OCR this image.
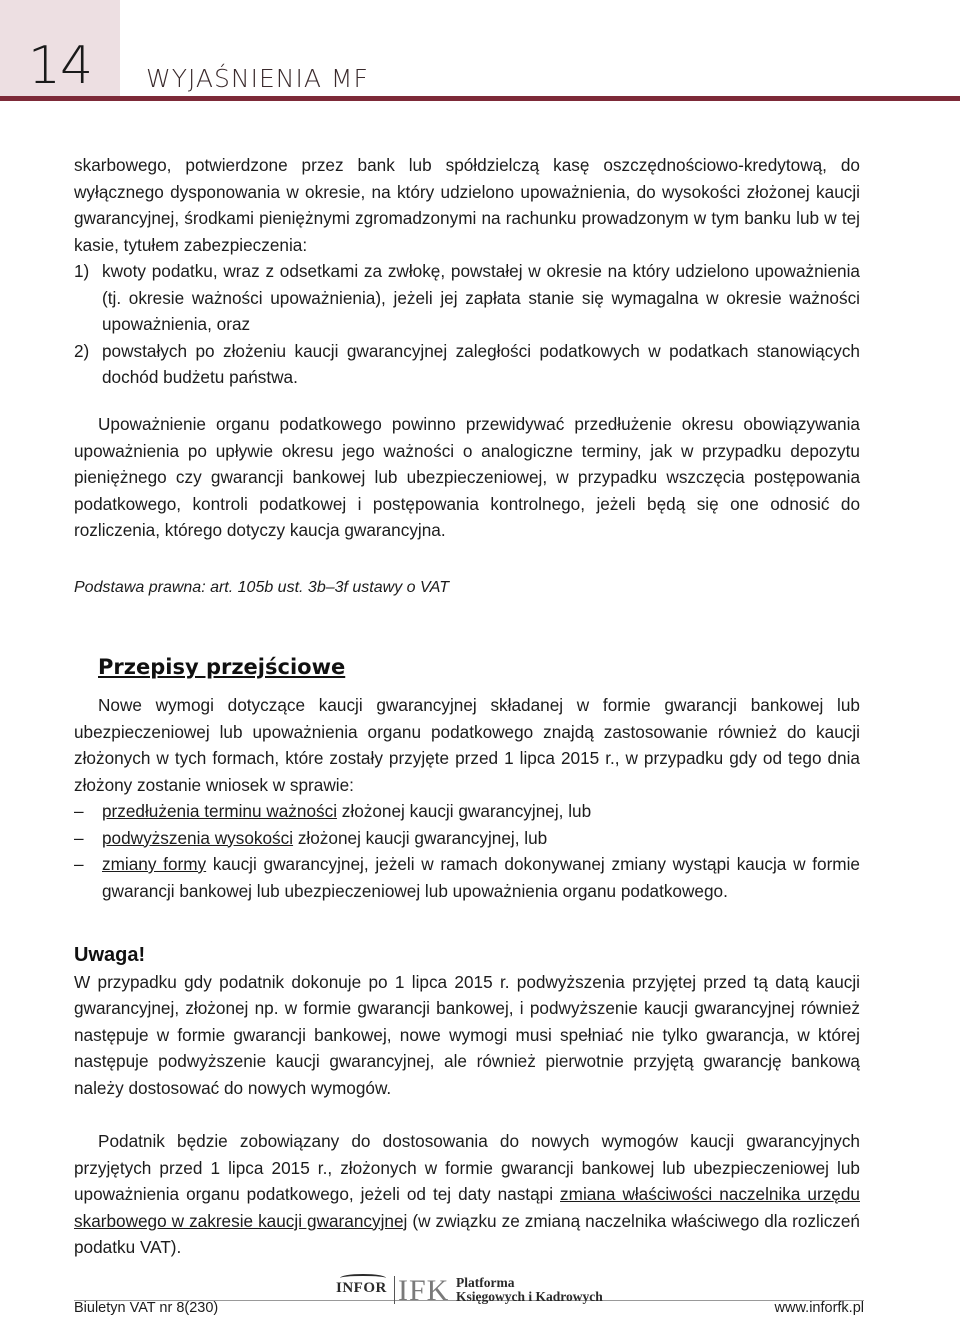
14	WYJAŚNIENIA MF

skarbowego, potwierdzone przez bank lub spółdzielczą kasę oszczędnościowo-kredytową, do wyłącznego dysponowania w okresie, na który udzielono upoważnienia, do wysokości złożonej kaucji gwarancyjnej, środkami pieniężnymi zgromadzonymi na rachunku prowadzonym w tym banku lub w tej kasie, tytułem zabezpieczenia:

1) kwoty podatku, wraz z odsetkami za zwłokę, powstałej w okresie na który udzielono upoważnienia (tj. okresie ważności upoważnienia), jeżeli jej zapłata stanie się wymagalna w okresie ważności upoważnienia, oraz
2) powstałych po złożeniu kaucji gwarancyjnej zaległości podatkowych w podatkach stanowiących dochód budżetu państwa.

Upoważnienie organu podatkowego powinno przewidywać przedłużenie okresu obowiązywania upoważnienia po upływie okresu jego ważności o analogiczne terminy, jak w przypadku depozytu pieniężnego czy gwarancji bankowej lub ubezpieczeniowej, w przypadku wszczęcia postępowania podatkowego, kontroli podatkowej i postępowania kontrolnego, jeżeli będą się one odnosić do rozliczenia, którego dotyczy kaucja gwarancyjna.

Podstawa prawna: art. 105b ust. 3b–3f ustawy o VAT

Przepisy przejściowe

Nowe wymogi dotyczące kaucji gwarancyjnej składanej w formie gwarancji bankowej lub ubezpieczeniowej lub upoważnienia organu podatkowego znajdą zastosowanie również do kaucji złożonych w tych formach, które zostały przyjęte przed 1 lipca 2015 r., w przypadku gdy od tego dnia złożony zostanie wniosek w sprawie:

– przedłużenia terminu ważności złożonej kaucji gwarancyjnej, lub
– podwyższenia wysokości złożonej kaucji gwarancyjnej, lub
– zmiany formy kaucji gwarancyjnej, jeżeli w ramach dokonywanej zmiany wystąpi kaucja w formie gwarancji bankowej lub ubezpieczeniowej lub upoważnienia organu podatkowego.
Uwaga!

W przypadku gdy podatnik dokonuje po 1 lipca 2015 r. podwyższenia przyjętej przed tą datą kaucji gwarancyjnej, złożonej np. w formie gwarancji bankowej, i podwyższenie kaucji gwarancyjnej również następuje w formie gwarancji bankowej, nowe wymogi musi spełniać nie tylko gwarancja, w której następuje podwyższenie kaucji gwarancyjnej, ale również pierwotnie przyjętą gwarancję bankową należy dostosować do nowych wymogów.

Podatnik będzie zobowiązany do dostosowania do nowych wymogów kaucji gwarancyjnych przyjętych przed 1 lipca 2015 r., złożonych w formie gwarancji bankowej lub ubezpieczeniowej lub upoważnienia organu podatkowego, jeżeli od tej daty nastąpi zmiana właściwości naczelnika urzędu skarbowego w zakresie kaucji gwarancyjnej (w związku ze zmianą naczelnika właściwego dla rozliczeń podatku VAT).

INFOR IFK Platforma
Księgowych i Kadrowych
Biuletyn VAT nr 8(230)	www.inforfk.pl
